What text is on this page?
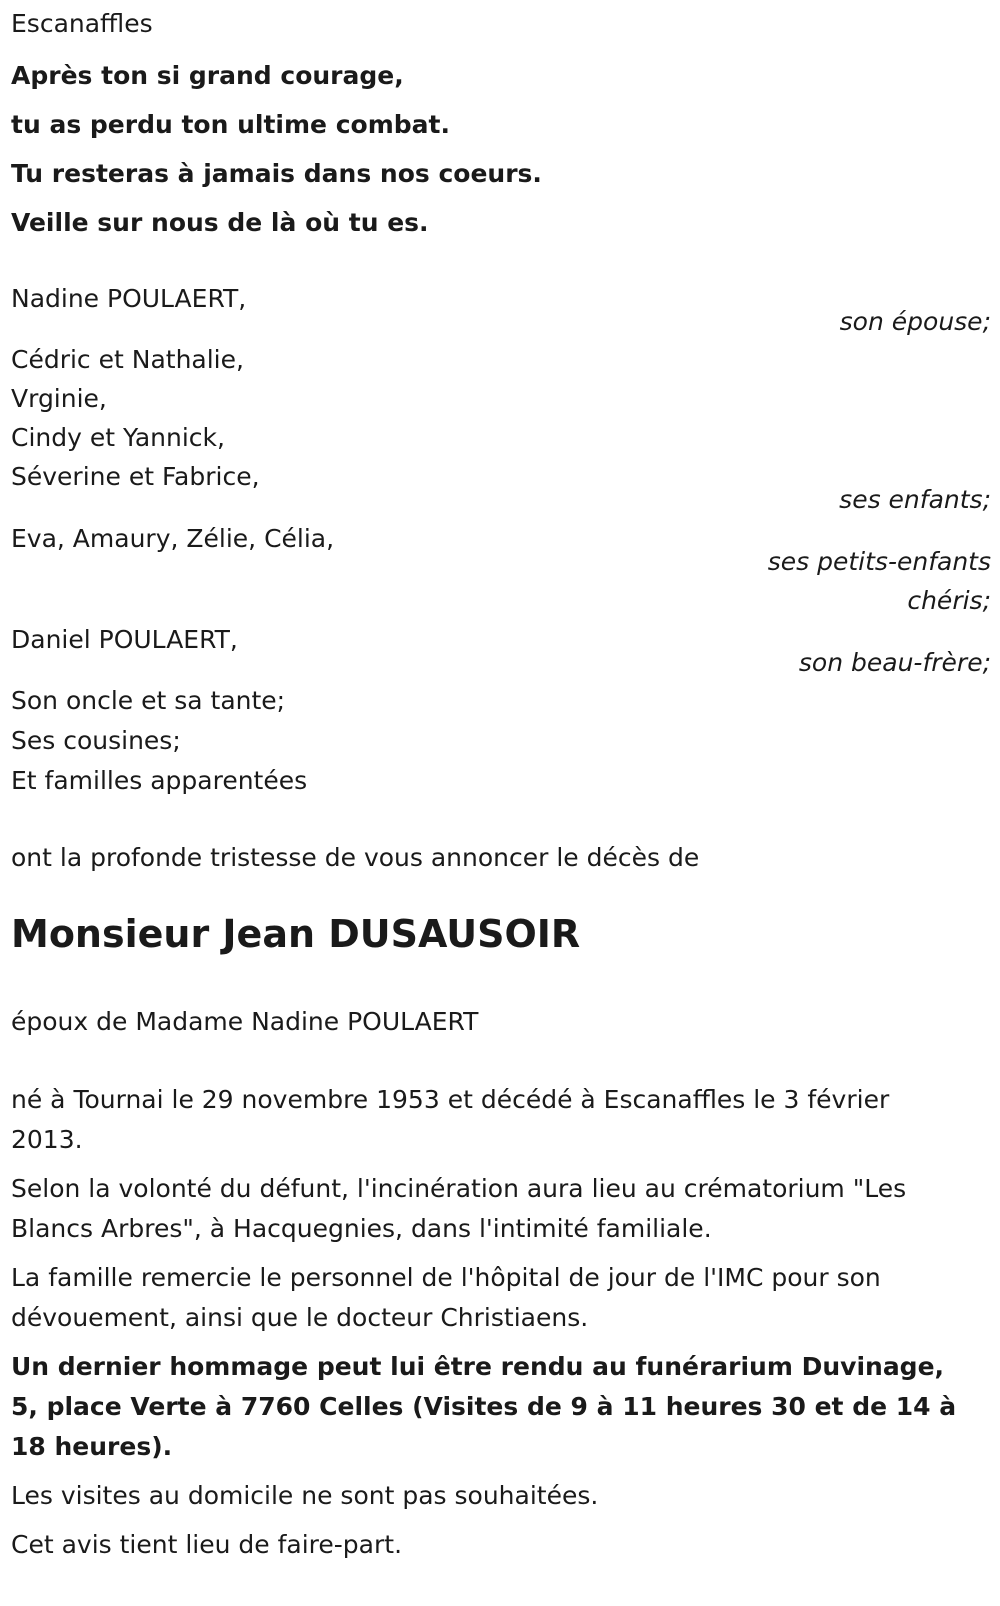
Escanaffles
Après ton si grand courage,
tu as perdu ton ultime combat.
Tu resteras à jamais dans nos coeurs.
Veille sur nous de là où tu es.
Nadine POULAERT,
son épouse;
Cédric et Nathalie,
Vrginie,
Cindy et Yannick,
Séverine et Fabrice,
ses enfants;
Eva, Amaury, Zélie, Célia,
ses petits-enfants
chéris;
Daniel POULAERT,
son beau-frère;
Son oncle et sa tante;
Ses cousines;
Et familles apparentées
ont la profonde tristesse de vous annoncer le décès de
Monsieur Jean DUSAUSOIR
époux de Madame Nadine POULAERT

né à Tournai le 29 novembre 1953 et décédé à Escanaffles le 3 février 2013.

Selon la volonté du défunt, l'incinération aura lieu au crématorium "Les Blancs Arbres", à Hacquegnies, dans l'intimité familiale.

La famille remercie le personnel de l'hôpital de jour de l'IMC pour son dévouement, ainsi que le docteur Christiaens.

Un dernier hommage peut lui être rendu au funérarium Duvinage, 5, place Verte à 7760 Celles (Visites de 9 à 11 heures 30 et de 14 à 18 heures).

Les visites au domicile ne sont pas souhaitées.

Cet avis tient lieu de faire-part.
